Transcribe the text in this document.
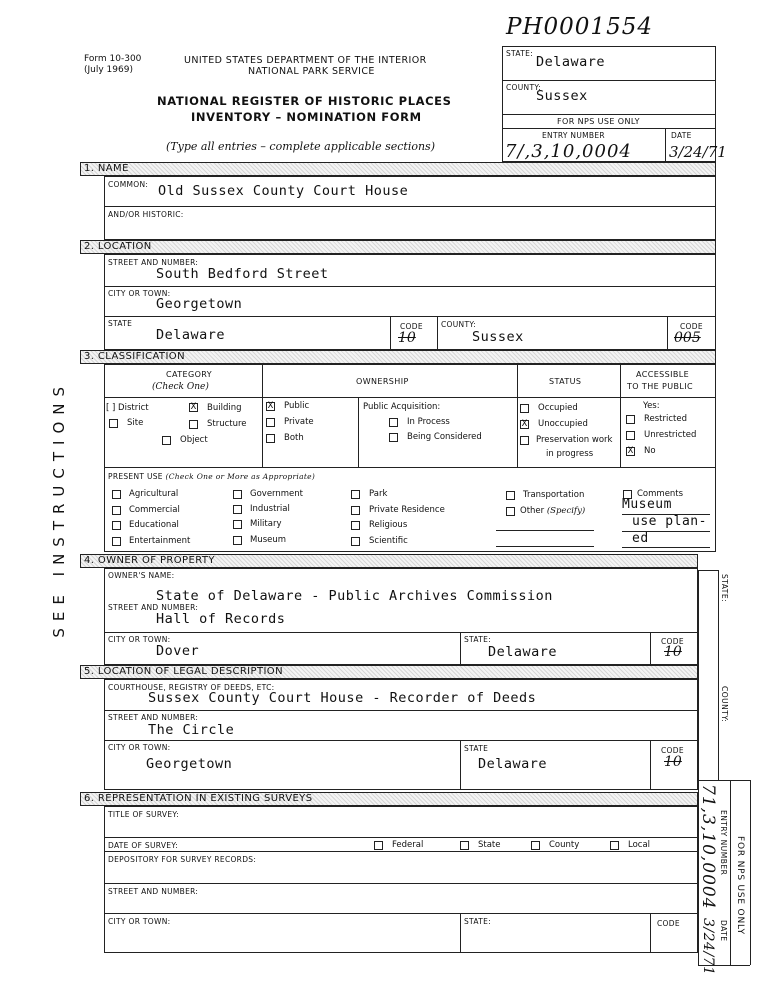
Form 10-300
(July 1969)
UNITED STATES DEPARTMENT OF THE INTERIOR
NATIONAL PARK SERVICE
NATIONAL REGISTER OF HISTORIC PLACES
INVENTORY – NOMINATION FORM
(Type all entries – complete applicable sections)
PH0001554
STATE:
Delaware
COUNTY:
Sussex
FOR NPS USE ONLY
ENTRY NUMBER	DATE
7/,3,10,0004 3/24/71
SEE INSTRUCTIONS
1. NAME
COMMON: Old Sussex County Court House
AND/OR HISTORIC:
2. LOCATION
STREET AND NUMBER:
South Bedford Street
CITY OR TOWN:
Georgetown
STATE
Delaware
CODE
10
COUNTY:
Sussex
CODE
005
3. CLASSIFICATION
CATEGORY
(Check One)
OWNERSHIP	STATUS
ACCESSIBLE
TO THE PUBLIC
[ ] District	X Building
Site	Structure
Object
X Public
Private
Both
Public Acquisition:
In Process
Being Considered
Occupied
X Unoccupied
Preservation work
in progress
Yes:
Restricted
Unrestricted
X No
PRESENT USE (Check One or More as Appropriate)
Agricultural
Commercial
Educational
Entertainment
Government
Industrial
Military
Museum
Park
Private Residence
Religious
Scientific
Transportation
Other (Specify)
Comments
Museum
use plan-
ed
4. OWNER OF PROPERTY
OWNER'S NAME:
State of Delaware - Public Archives Commission
STREET AND NUMBER:
Hall of Records
CITY OR TOWN:
Dover
STATE:
Delaware
CODE
10
5. LOCATION OF LEGAL DESCRIPTION
COURTHOUSE, REGISTRY OF DEEDS, ETC:
Sussex County Court House - Recorder of Deeds
STREET AND NUMBER:
The Circle
CITY OR TOWN:
Georgetown
STATE
Delaware
CODE
10
6. REPRESENTATION IN EXISTING SURVEYS
TITLE OF SURVEY:
DATE OF SURVEY:	Federal	State	County	Local
DEPOSITORY FOR SURVEY RECORDS:
STREET AND NUMBER:
CITY OR TOWN:	STATE:	CODE
STATE:
COUNTY:
ENTRY NUMBER
DATE FOR NPS USE ONLY
71,3,10,0004
3/24/71
